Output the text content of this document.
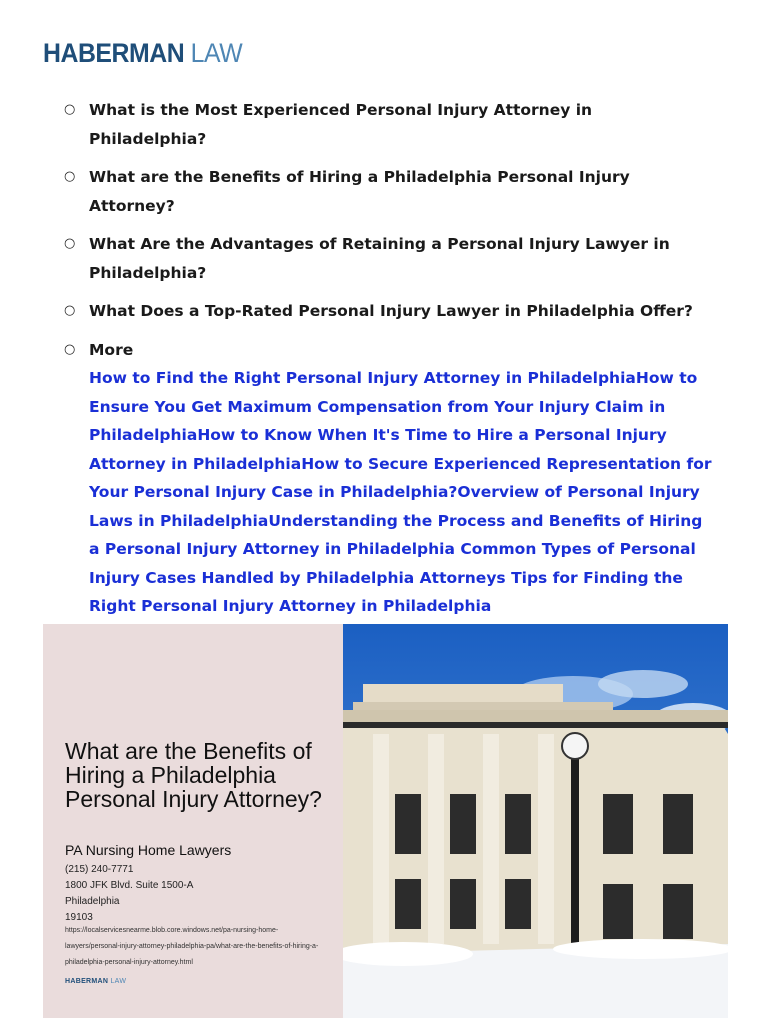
HABERMAN LAW
○ What is the Most Experienced Personal Injury Attorney in Philadelphia?
○ What are the Benefits of Hiring a Philadelphia Personal Injury Attorney?
○ What Are the Advantages of Retaining a Personal Injury Lawyer in Philadelphia?
○ What Does a Top-Rated Personal Injury Lawyer in Philadelphia Offer?
○ More
How to Find the Right Personal Injury Attorney in PhiladelphiaHow to Ensure You Get Maximum Compensation from Your Injury Claim in PhiladelphiaHow to Know When It's Time to Hire a Personal Injury Attorney in PhiladelphiaHow to Secure Experienced Representation for Your Personal Injury Case in Philadelphia?Overview of Personal Injury Laws in PhiladelphiaUnderstanding the Process and Benefits of Hiring a Personal Injury Attorney in Philadelphia Common Types of Personal Injury Cases Handled by Philadelphia Attorneys Tips for Finding the Right Personal Injury Attorney in Philadelphia
What are the Benefits of Hiring a Philadelphia Personal Injury Attorney?
PA Nursing Home Lawyers
(215) 240-7771
1800 JFK Blvd. Suite 1500-A
Philadelphia
19103
https://localservicesnearme.blob.core.windows.net/pa-nursing-home-lawyers/personal-injury-attorney-philadelphia-pa/what-are-the-benefits-of-hiring-a-philadelphia-personal-injury-attorney.html
HABERMAN LAW
